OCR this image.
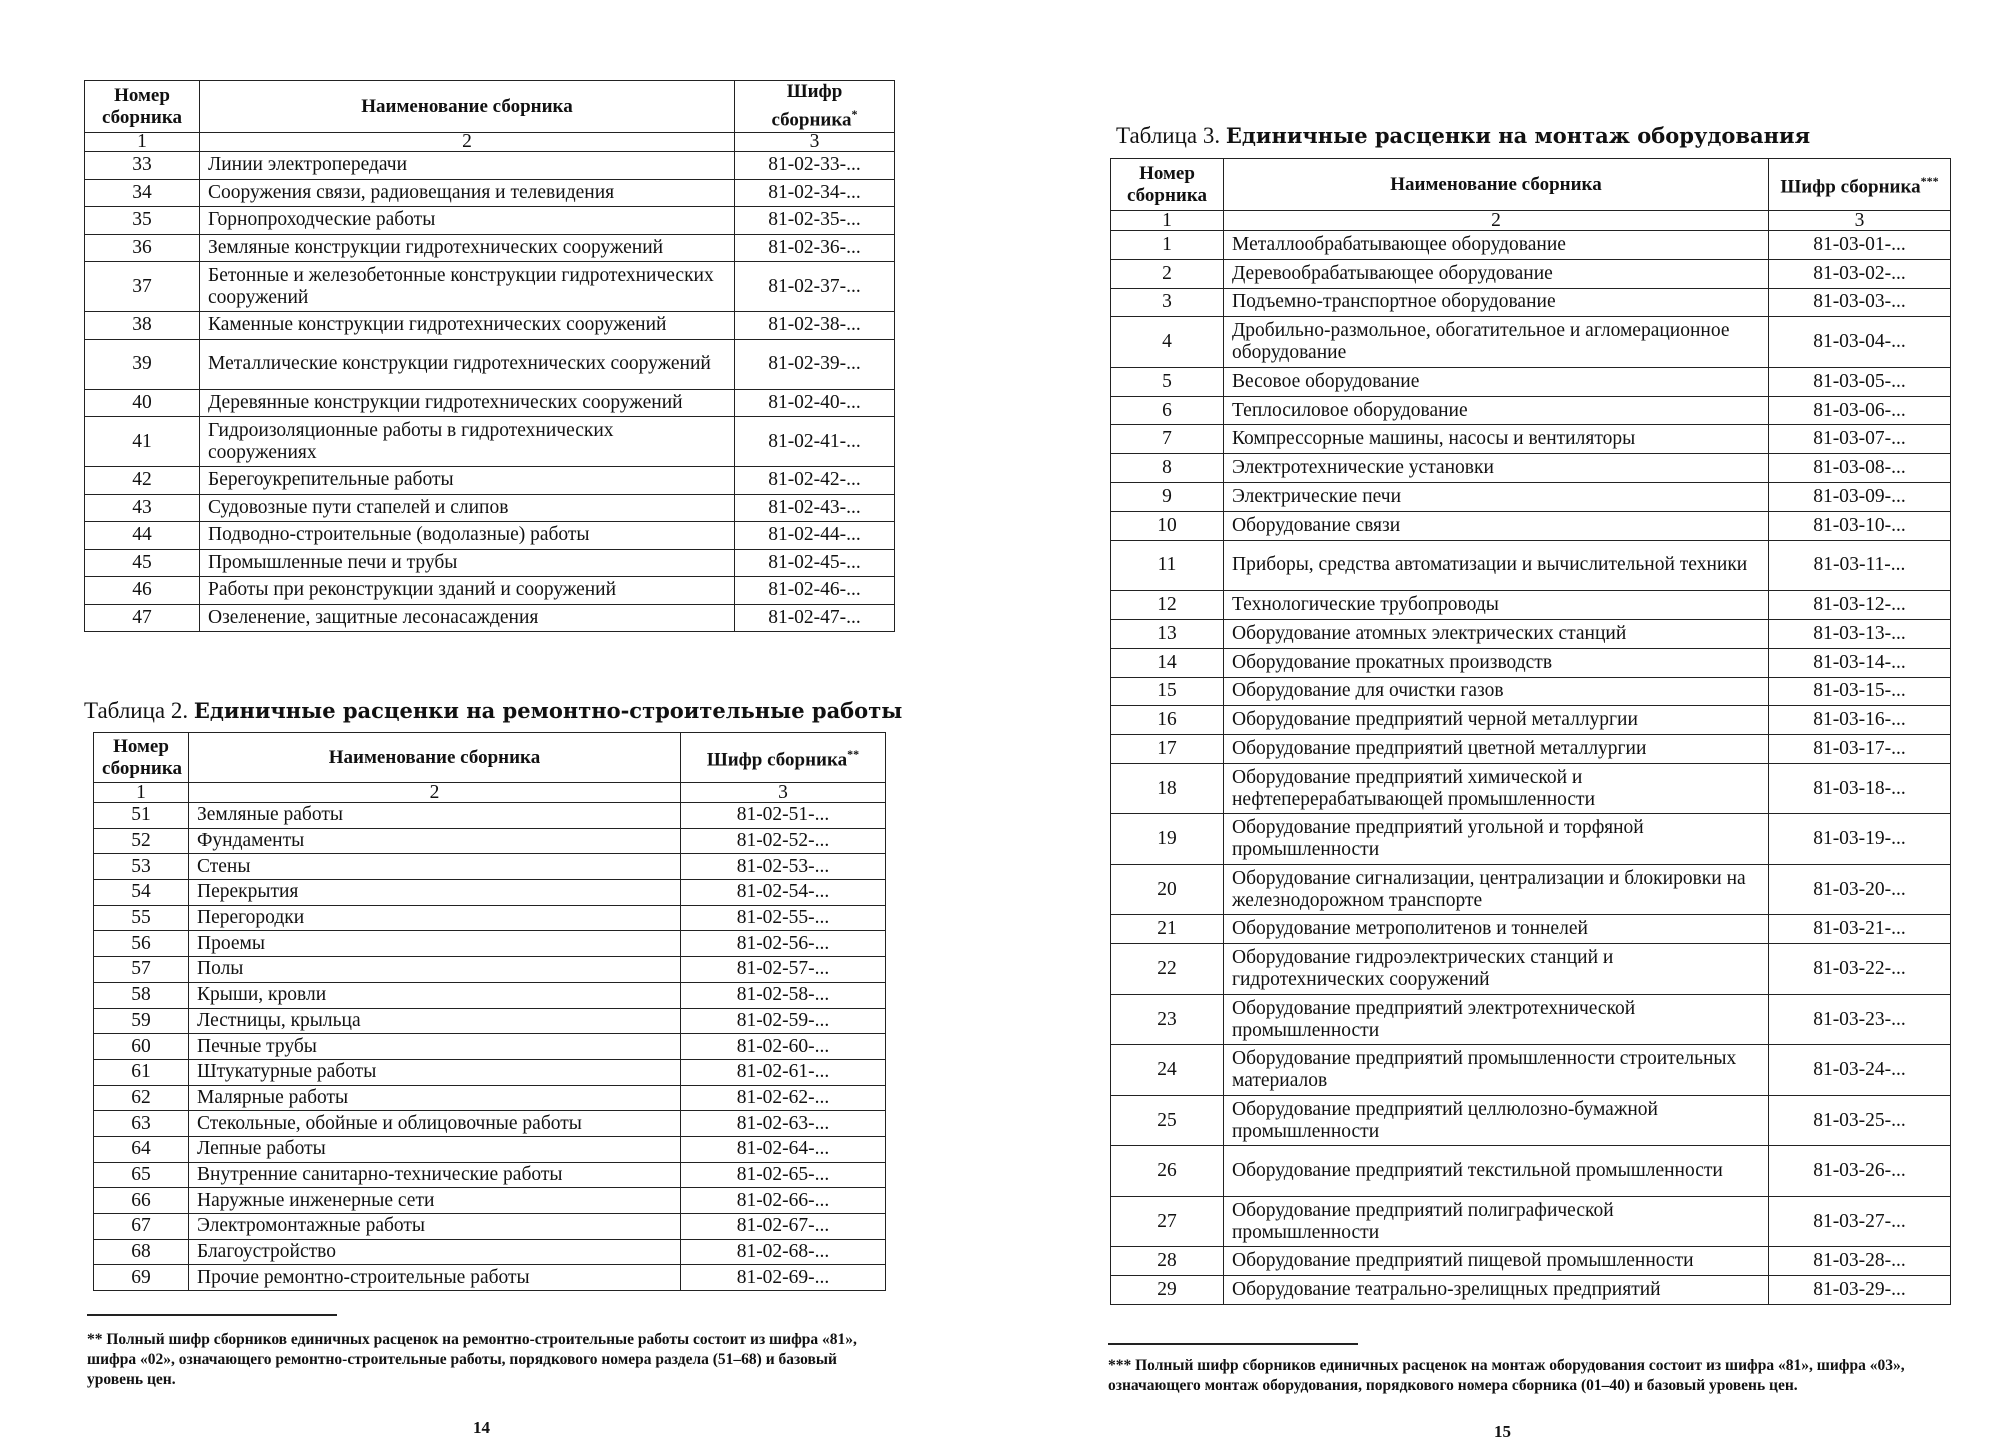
Номер сборника	Наименование сборника	Шифр сборника*
1	2	3
33	Линии электропередачи	81-02-33-...
34	Сооружения связи, радиовещания и телевидения	81-02-34-...
35	Горнопроходческие работы	81-02-35-...
36	Земляные конструкции гидротехнических сооружений	81-02-36-...
37	Бетонные и железобетонные конструкции гидротехнических сооружений	81-02-37-...
38	Каменные конструкции гидротехнических сооружений	81-02-38-...
39	Металлические конструкции гидротехнических сооружений	81-02-39-...
40	Деревянные конструкции гидротехнических сооружений	81-02-40-...
41	Гидроизоляционные работы в гидротехнических сооружениях	81-02-41-...
42	Берегоукрепительные работы	81-02-42-...
43	Судовозные пути стапелей и слипов	81-02-43-...
44	Подводно-строительные (водолазные) работы	81-02-44-...
45	Промышленные печи и трубы	81-02-45-...
46	Работы при реконструкции зданий и сооружений	81-02-46-...
47	Озеленение, защитные лесонасаждения	81-02-47-...
Таблица 2. Единичные расценки на ремонтно-строительные работы
Номер сборника	Наименование сборника	Шифр сборника**
1	2	3
51	Земляные работы	81-02-51-...
52	Фундаменты	81-02-52-...
53	Стены	81-02-53-...
54	Перекрытия	81-02-54-...
55	Перегородки	81-02-55-...
56	Проемы	81-02-56-...
57	Полы	81-02-57-...
58	Крыши, кровли	81-02-58-...
59	Лестницы, крыльца	81-02-59-...
60	Печные трубы	81-02-60-...
61	Штукатурные работы	81-02-61-...
62	Малярные работы	81-02-62-...
63	Стекольные, обойные и облицовочные работы	81-02-63-...
64	Лепные работы	81-02-64-...
65	Внутренние санитарно-технические работы	81-02-65-...
66	Наружные инженерные сети	81-02-66-...
67	Электромонтажные работы	81-02-67-...
68	Благоустройство	81-02-68-...
69	Прочие ремонтно-строительные работы	81-02-69-...
** Полный шифр сборников единичных расценок на ремонтно-строительные работы состоит из шифра «81», шифра «02», означающего ремонтно-строительные работы, порядкового номера раздела (51–68) и базовый уровень цен.
14
Таблица 3. Единичные расценки на монтаж оборудования
Номер сборника	Наименование сборника	Шифр сборника***
1	2	3
1	Металлообрабатывающее оборудование	81-03-01-...
2	Деревообрабатывающее оборудование	81-03-02-...
3	Подъемно-транспортное оборудование	81-03-03-...
4	Дробильно-размольное, обогатительное и агломерационное оборудование	81-03-04-...
5	Весовое оборудование	81-03-05-...
6	Теплосиловое оборудование	81-03-06-...
7	Компрессорные машины, насосы и вентиляторы	81-03-07-...
8	Электротехнические установки	81-03-08-...
9	Электрические печи	81-03-09-...
10	Оборудование связи	81-03-10-...
11	Приборы, средства автоматизации и вычислительной техники	81-03-11-...
12	Технологические трубопроводы	81-03-12-...
13	Оборудование атомных электрических станций	81-03-13-...
14	Оборудование прокатных производств	81-03-14-...
15	Оборудование для очистки газов	81-03-15-...
16	Оборудование предприятий черной металлургии	81-03-16-...
17	Оборудование предприятий цветной металлургии	81-03-17-...
18	Оборудование предприятий химической и нефтеперерабатывающей промышленности	81-03-18-...
19	Оборудование предприятий угольной и торфяной промышленности	81-03-19-...
20	Оборудование сигнализации, централизации и блокировки на железнодорожном транспорте	81-03-20-...
21	Оборудование метрополитенов и тоннелей	81-03-21-...
22	Оборудование гидроэлектрических станций и гидротехнических сооружений	81-03-22-...
23	Оборудование предприятий электротехнической промышленности	81-03-23-...
24	Оборудование предприятий промышленности строительных материалов	81-03-24-...
25	Оборудование предприятий целлюлозно-бумажной промышленности	81-03-25-...
26	Оборудование предприятий текстильной промышленности	81-03-26-...
27	Оборудование предприятий полиграфической промышленности	81-03-27-...
28	Оборудование предприятий пищевой промышленности	81-03-28-...
29	Оборудование театрально-зрелищных предприятий	81-03-29-...
*** Полный шифр сборников единичных расценок на монтаж оборудования состоит из шифра «81», шифра «03», означающего монтаж оборудования, порядкового номера сборника (01–40) и базовый уровень цен.
15
